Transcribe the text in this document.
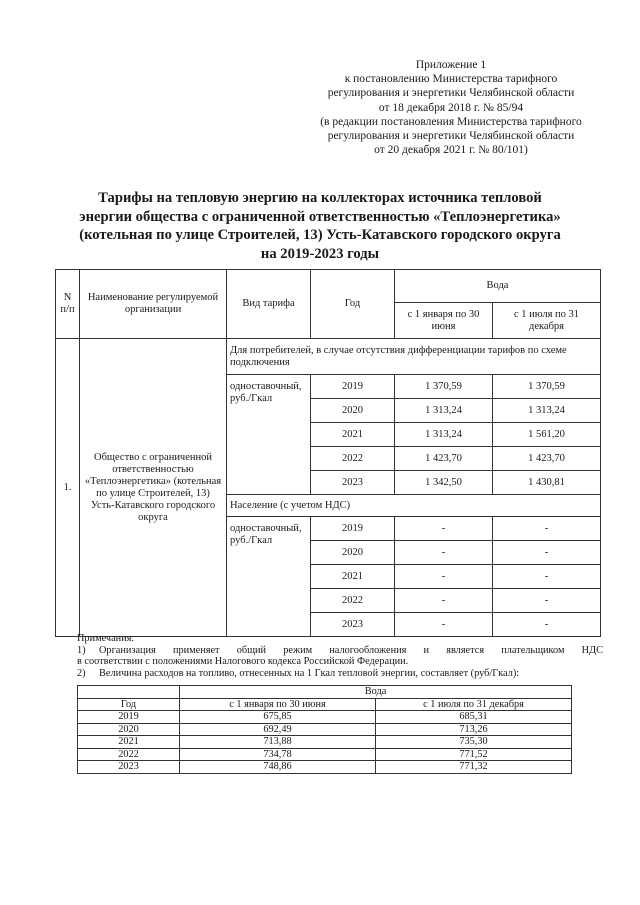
Приложение 1
к постановлению Министерства тарифного
регулирования и энергетики Челябинской области
от 18 декабря 2018 г. № 85/94
(в редакции постановления Министерства тарифного
регулирования и энергетики Челябинской области
от 20 декабря 2021 г. № 80/101)
Тарифы на тепловую энергию на коллекторах источника тепловой
энергии общества с ограниченной ответственностью «Теплоэнергетика»
(котельная по улице Строителей, 13) Усть-Катавского городского округа
на 2019-2023 годы
N п/п	Наименование регулируемой организации	Вид тарифа	Год	Вода	
				с 1 января по 30 июня	с 1 июля по 31 декабря
1.	Общество с ограниченной ответственностью «Теплоэнергетика» (котельная по улице Строителей, 13) Усть-Катавского городского округа	Для потребителей, в случае отсутствия дифференциации тарифов по схеме подключения			
		одноставочный, руб./Гкал	2019	1 370,59	1 370,59
			2020	1 313,24	1 313,24
			2021	1 313,24	1 561,20
			2022	1 423,70	1 423,70
			2023	1 342,50	1 430,81
		Население (с учетом НДС)			
		одноставочный, руб./Гкал	2019	-	-
			2020	-	-
			2021	-	-
			2022	-	-
			2023	-	-
Примечания:
1)	Организация применяет общий режим налогообложения и является плательщиком НДС
в соответствии с положениями Налогового кодекса Российской Федерации.
2)	Величина расходов на топливо, отнесенных на 1 Гкал тепловой энергии, составляет (руб/Гкал):
	Вода	
Год	с 1 января по 30 июня	с 1 июля по 31 декабря
2019	675,85	685,31
2020	692,49	713,26
2021	713,88	735,30
2022	734,78	771,52
2023	748,86	771,32
